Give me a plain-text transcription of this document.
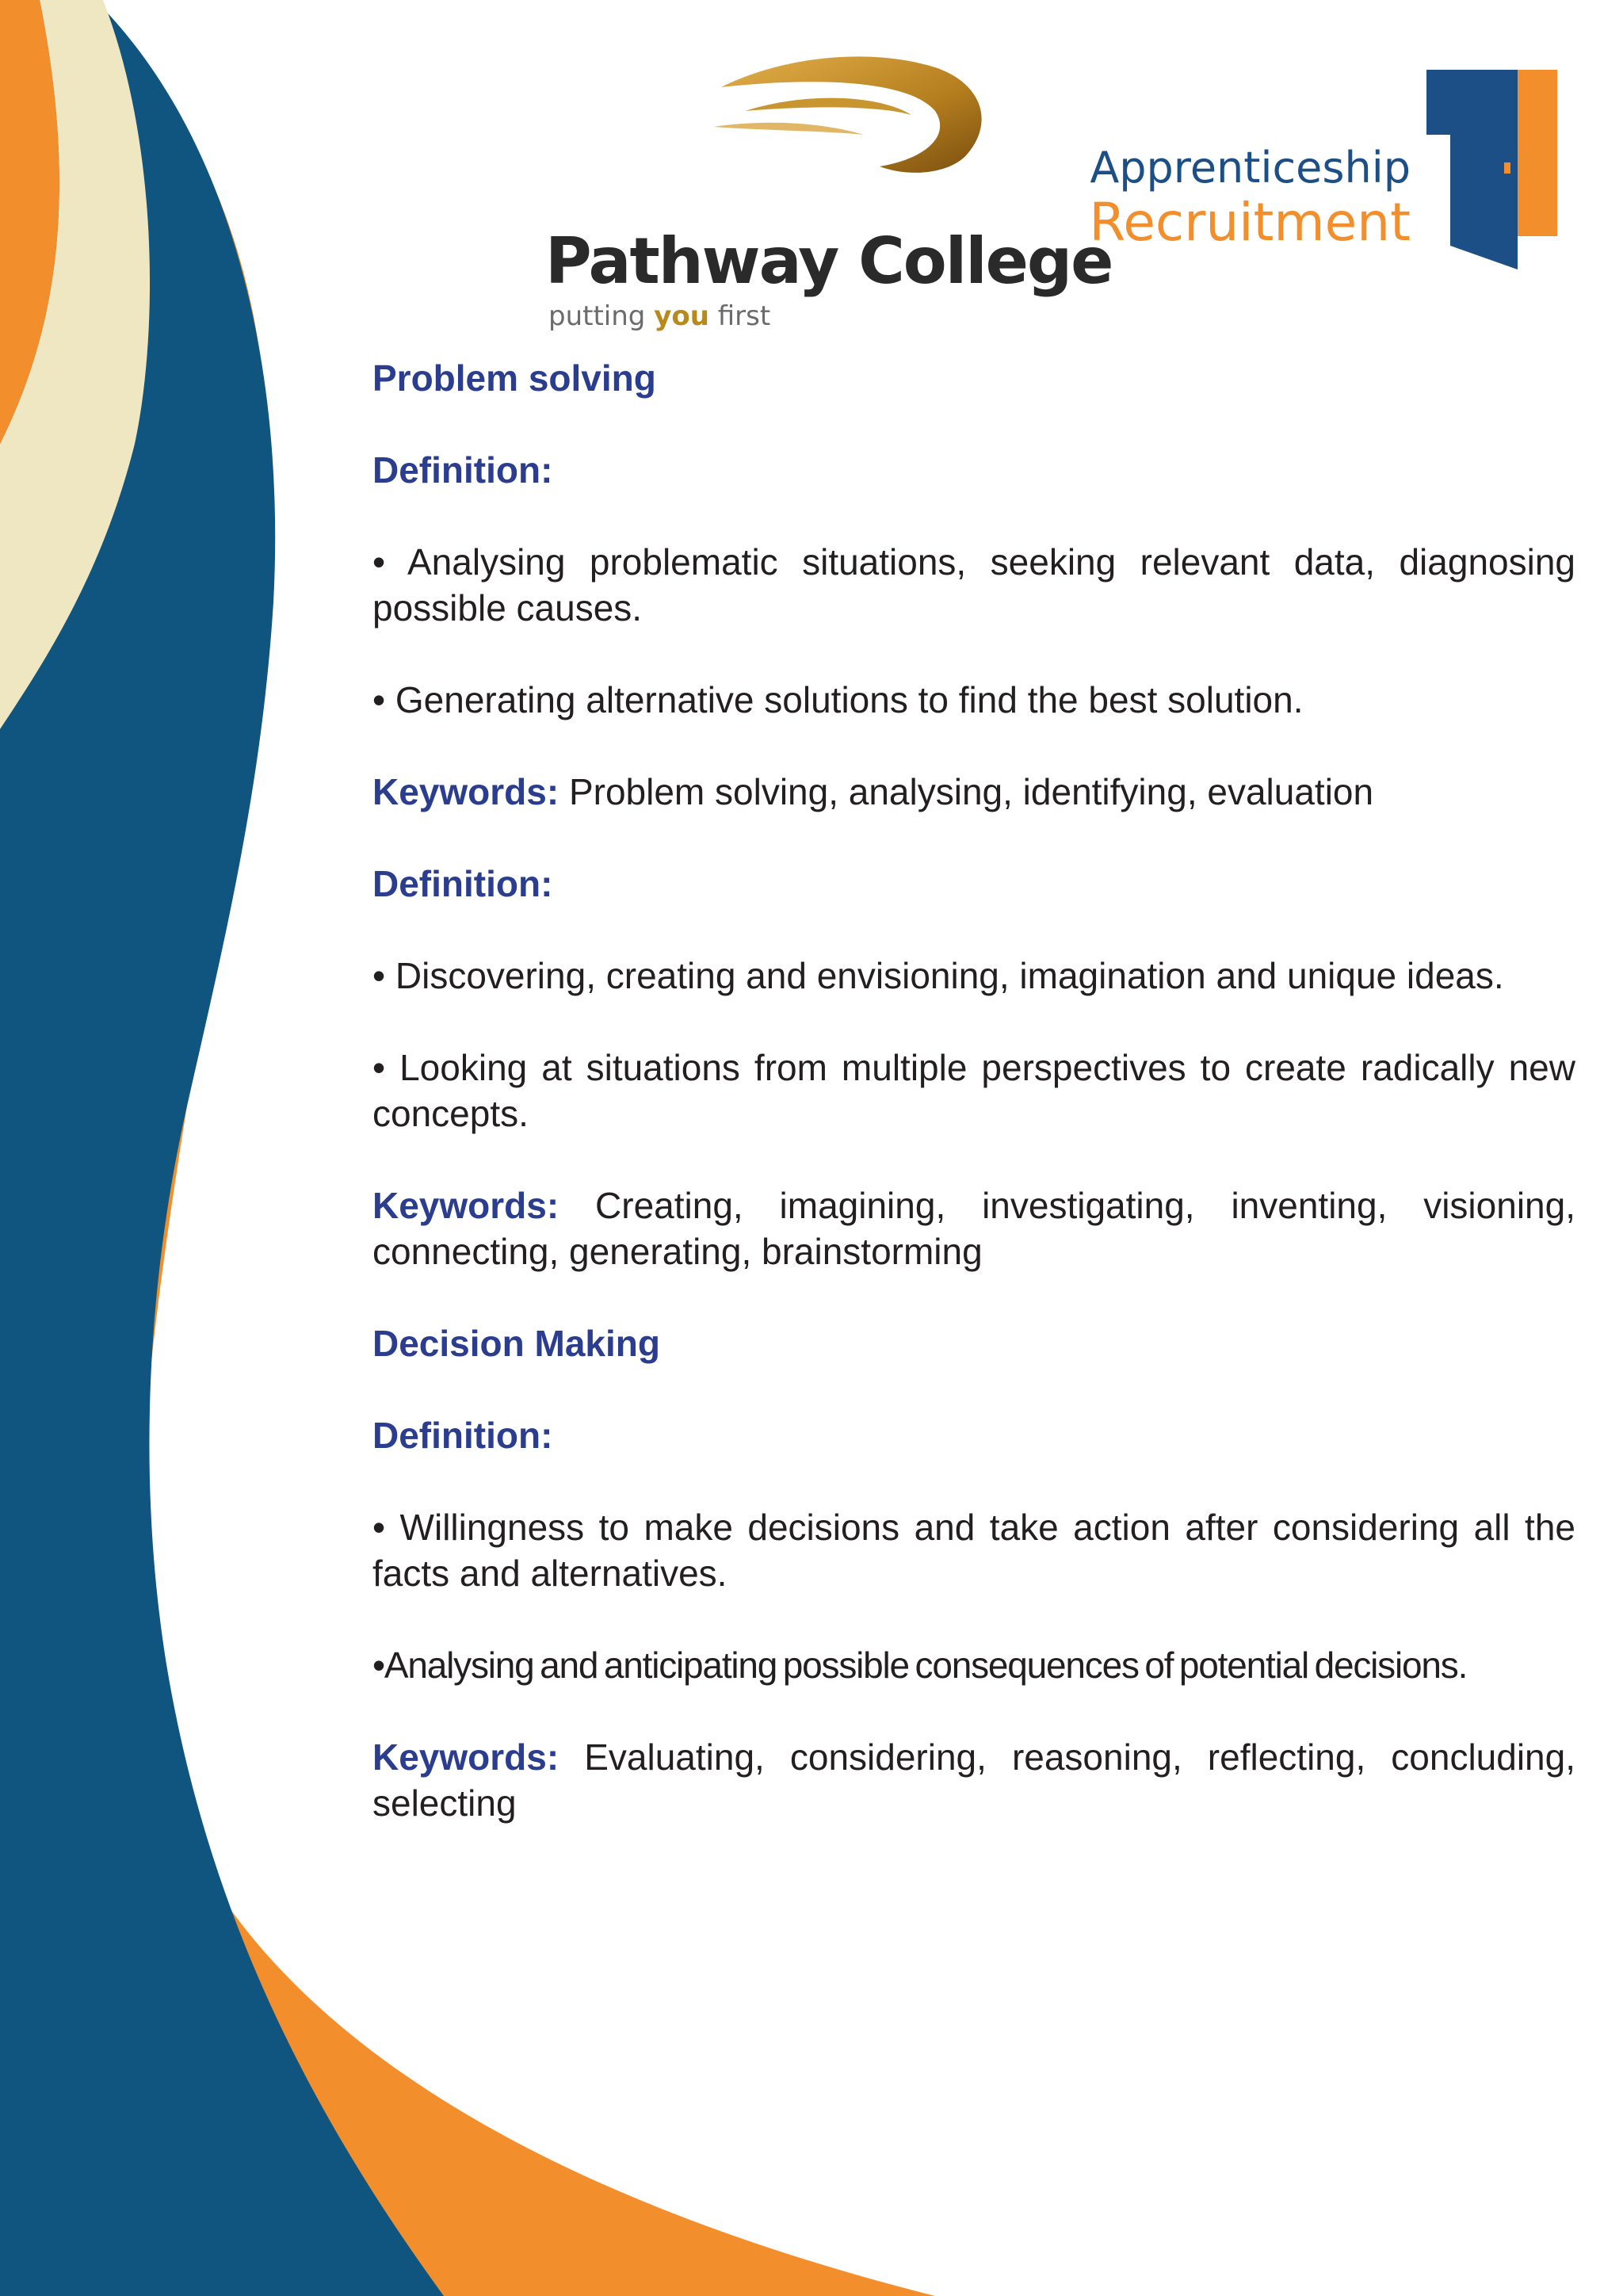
Pathway College
putting you first
Apprenticeship
Recruitment
Problem solving
Definition:
• Analysing problematic situations, seeking relevant data, diagnosing possible causes.
• Generating alternative solutions to find the best solution.
Keywords: Problem solving, analysing, identifying, evaluation
Definition:
• Discovering, creating and envisioning, imagination and unique ideas.
• Looking at situations from multiple perspectives to create radically new concepts.
Keywords: Creating, imagining, investigating, inventing, visioning, connecting, generating, brainstorming
Decision Making
Definition:
• Willingness to make decisions and take action after considering all the facts and alternatives.
•Analysing and anticipating possible consequences of potential decisions.
Keywords: Evaluating, considering, reasoning, reflecting, concluding, selecting
